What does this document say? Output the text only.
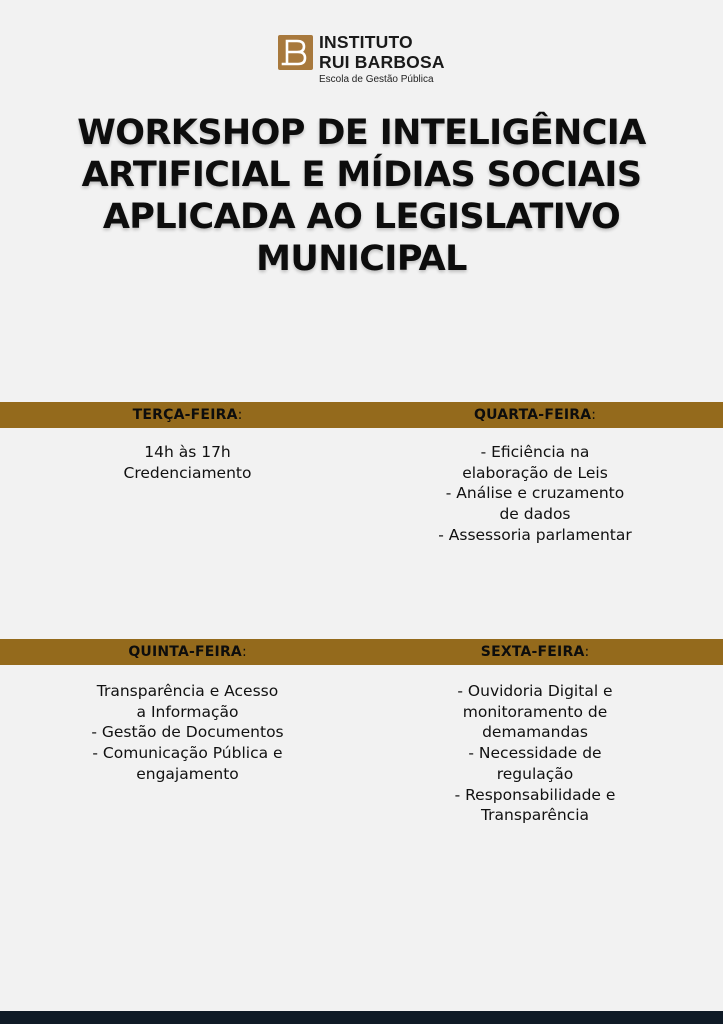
INSTITUTO
RUI BARBOSA
Escola de Gestão Pública
WORKSHOP DE INTELIGÊNCIA
ARTIFICIAL E MÍDIAS SOCIAIS
APLICADA AO LEGISLATIVO
MUNICIPAL
TERÇA-FEIRA:	QUARTA-FEIRA:
14h às 17h
Credenciamento
- Eficiência na
elaboração de Leis
- Análise e cruzamento
de dados
- Assessoria parlamentar
QUINTA-FEIRA:	SEXTA-FEIRA:
Transparência e Acesso
a Informação
- Gestão de Documentos
- Comunicação Pública e
engajamento
- Ouvidoria Digital e
monitoramento de
demamandas
- Necessidade de
regulação
- Responsabilidade e
Transparência
